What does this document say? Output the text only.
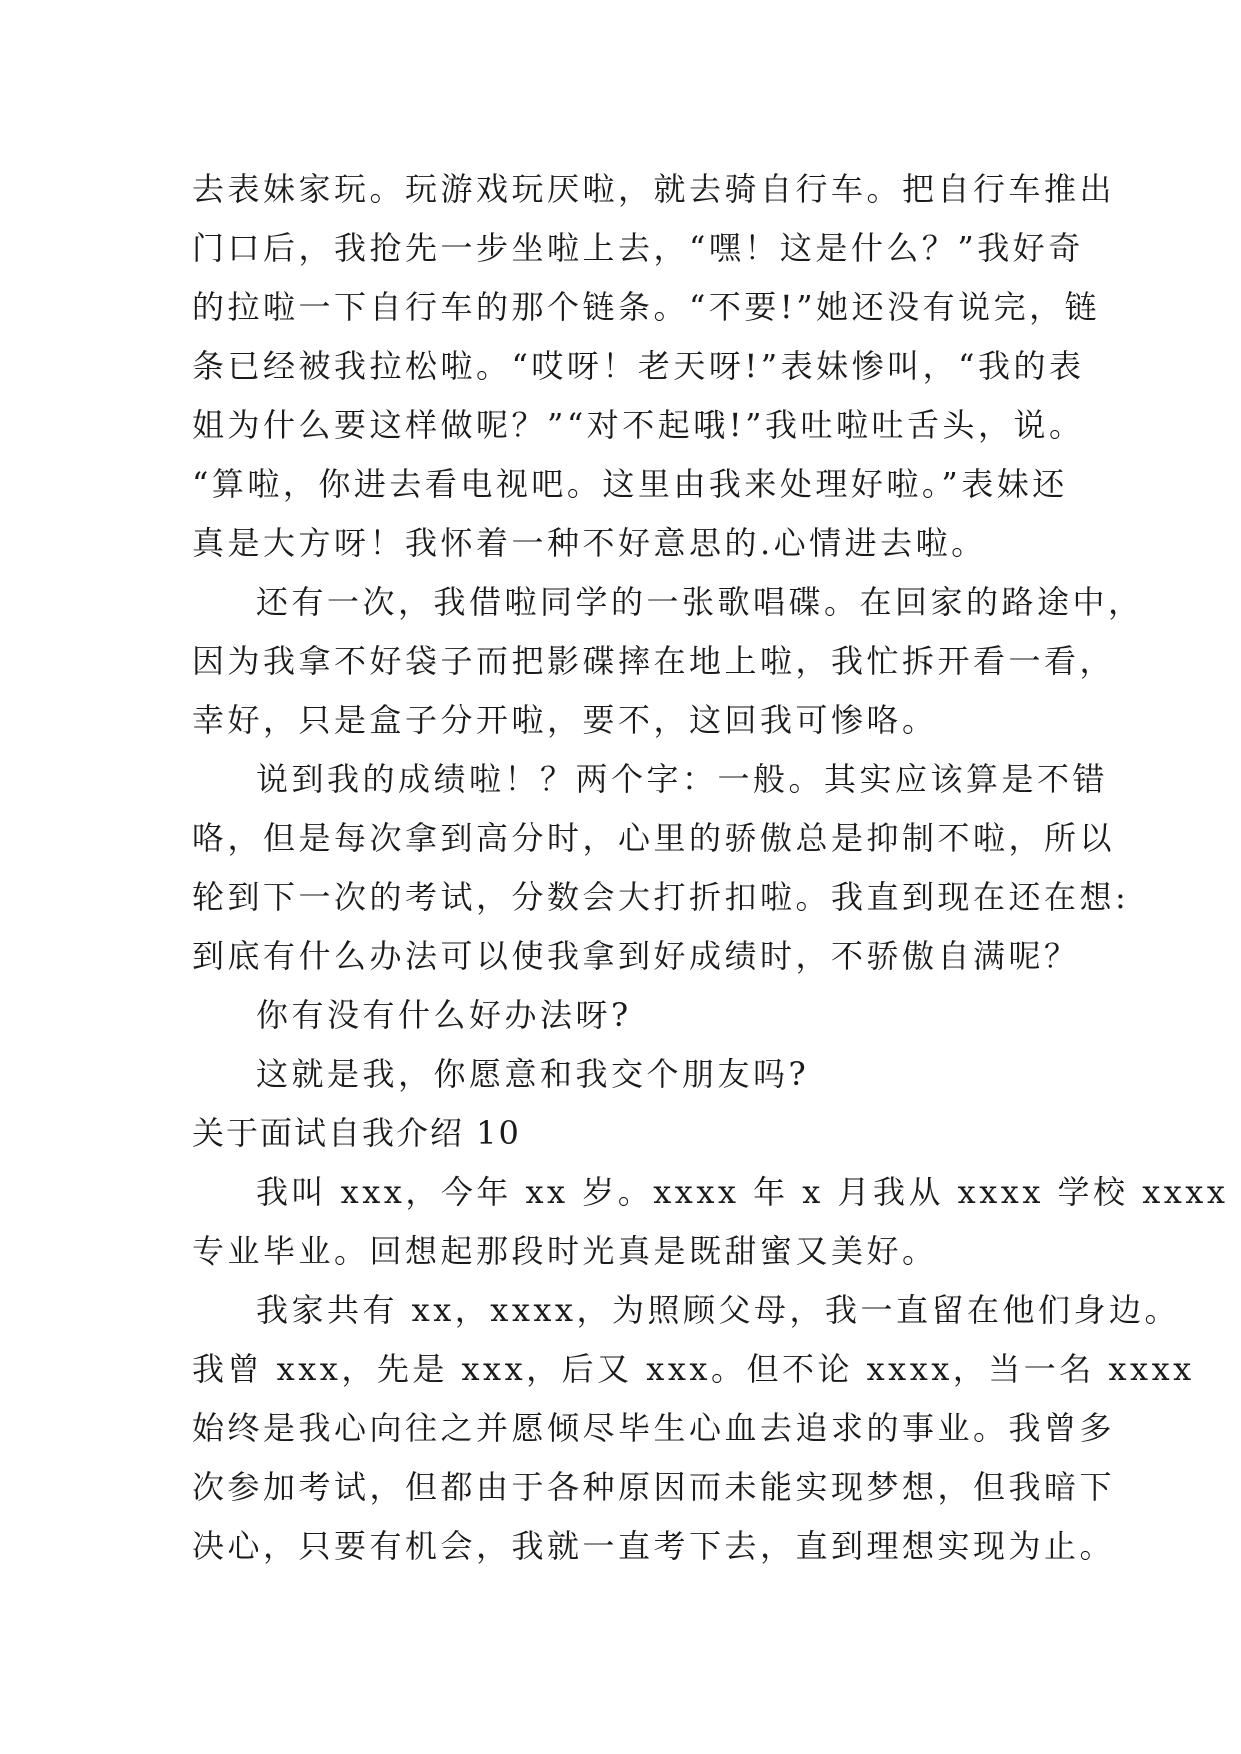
去表妹家玩。玩游戏玩厌啦，就去骑自行车。把自行车推出
门口后，我抢先一步坐啦上去，“嘿！这是什么？”我好奇
的拉啦一下自行车的那个链条。“不要!”她还没有说完，链
条已经被我拉松啦。“哎呀！老天呀!”表妹惨叫，“我的表
姐为什么要这样做呢？”“对不起哦!”我吐啦吐舌头，说。
“算啦，你进去看电视吧。这里由我来处理好啦。”表妹还
真是大方呀！我怀着一种不好意思的.心情进去啦。
还有一次，我借啦同学的一张歌唱碟。在回家的路途中，
因为我拿不好袋子而把影碟摔在地上啦，我忙拆开看一看，
幸好，只是盒子分开啦，要不，这回我可惨咯。
说到我的成绩啦！？两个字：一般。其实应该算是不错
咯，但是每次拿到高分时，心里的骄傲总是抑制不啦，所以
轮到下一次的考试，分数会大打折扣啦。我直到现在还在想:
到底有什么办法可以使我拿到好成绩时，不骄傲自满呢？
你有没有什么好办法呀?
这就是我，你愿意和我交个朋友吗?
关于面试自我介绍 10
我叫 xxx，今年 xx 岁。xxxx 年 x 月我从 xxxx 学校 xxxx
专业毕业。回想起那段时光真是既甜蜜又美好。
我家共有 xx，xxxx，为照顾父母，我一直留在他们身边。
我曾 xxx，先是 xxx，后又 xxx。但不论 xxxx，当一名 xxxx
始终是我心向往之并愿倾尽毕生心血去追求的事业。我曾多
次参加考试，但都由于各种原因而未能实现梦想，但我暗下
决心，只要有机会，我就一直考下去，直到理想实现为止。
